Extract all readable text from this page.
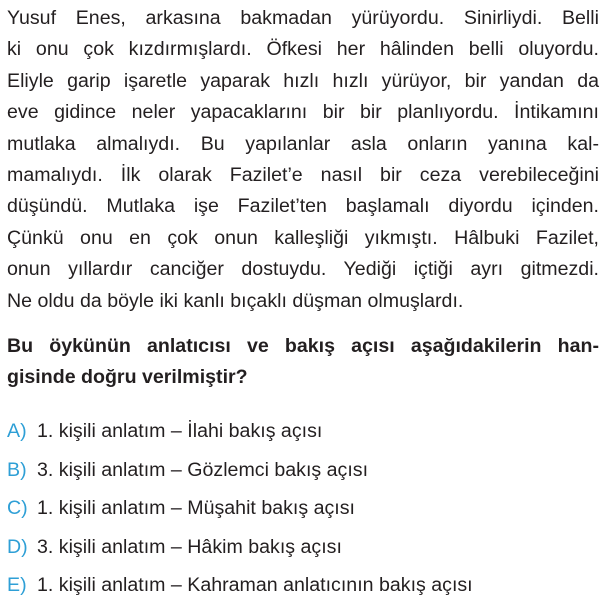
Yusuf Enes, arkasına bakmadan yürüyordu. Sinirliydi. Belli
ki onu çok kızdırmışlardı. Öfkesi her hâlinden belli oluyordu.
Eliyle garip işaretle yaparak hızlı hızlı yürüyor, bir yandan da
eve gidince neler yapacaklarını bir bir planlıyordu. İntikamını
mutlaka almalıydı. Bu yapılanlar asla onların yanına kal-
mamalıydı. İlk olarak Fazilet’e nasıl bir ceza verebileceğini
düşündü. Mutlaka işe Fazilet’ten başlamalı diyordu içinden.
Çünkü onu en çok onun kalleşliği yıkmıştı. Hâlbuki Fazilet,
onun yıllardır canciğer dostuydu. Yediği içtiği ayrı gitmezdi.
Ne oldu da böyle iki kanlı bıçaklı düşman olmuşlardı.
Bu öykünün anlatıcısı ve bakış açısı aşağıdakilerin han-
gisinde doğru verilmiştir?
A) 1. kişili anlatım – İlahi bakış açısı
B) 3. kişili anlatım – Gözlemci bakış açısı
C) 1. kişili anlatım – Müşahit bakış açısı
D) 3. kişili anlatım – Hâkim bakış açısı
E) 1. kişili anlatım – Kahraman anlatıcının bakış açısı
